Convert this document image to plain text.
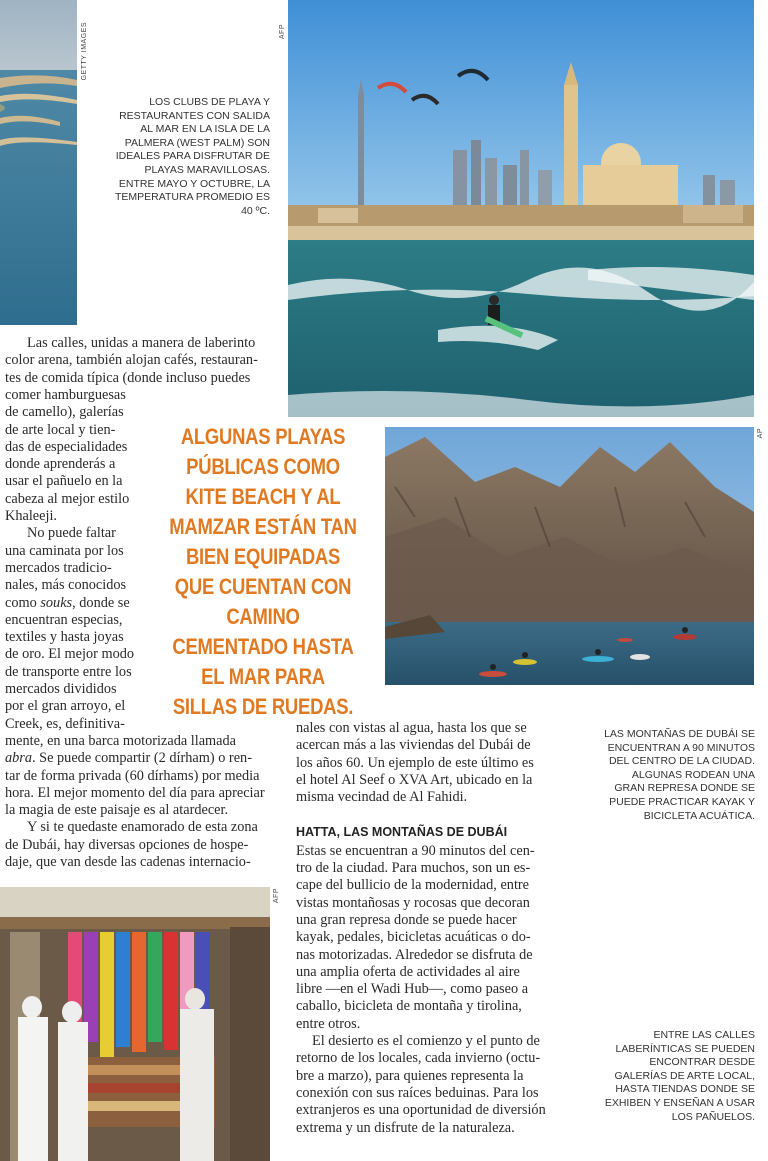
GETTY IMAGES	AFP
LOS CLUBS DE PLAYA Y RESTAURANTES CON SALIDA AL MAR EN LA ISLA DE LA PALMERA (WEST PALM) SON IDEALES PARA DISFRUTAR DE PLAYAS MARAVILLOSAS. ENTRE MAYO Y OCTUBRE, LA TEMPERATURA PROMEDIO ES 40 ºC.
AP
LAS MONTAÑAS DE DUBÁI SE ENCUENTRAN A 90 MINUTOS DEL CENTRO DE LA CIUDAD. ALGUNAS RODEAN UNA GRAN REPRESA DONDE SE PUEDE PRACTICAR KAYAK Y BICICLETA ACUÁTICA.
AFP
ENTRE LAS CALLES LABERÍNTICAS SE PUEDEN ENCONTRAR DESDE GALERÍAS DE ARTE LOCAL, HASTA TIENDAS DONDE SE EXHIBEN Y ENSEÑAN A USAR LOS PAÑUELOS.
ALGUNAS PLAYAS PÚBLICAS COMO KITE BEACH Y AL MAMZAR ESTÁN TAN BIEN EQUIPADAS QUE CUENTAN CON CAMINO CEMENTADO HASTA EL MAR PARA SILLAS DE RUEDAS.
Las calles, unidas a manera de laberinto
color arena, también alojan cafés, restauran-
tes de comida típica (donde incluso puedes
comer hamburguesas
de camello), galerías
de arte local y tien-
das de especialidades
donde aprenderás a
usar el pañuelo en la
cabeza al mejor estilo
Khaleeji.
No puede faltar
una caminata por los
mercados tradicio-
nales, más conocidos
como souks, donde se
encuentran especias,
textiles y hasta joyas
de oro. El mejor modo
de transporte entre los
mercados divididos
por el gran arroyo, el
Creek, es, definitiva-
mente, en una barca motorizada llamada
abra. Se puede compartir (2 dírham) o ren-
tar de forma privada (60 dírhams) por media
hora. El mejor momento del día para apreciar
la magia de este paisaje es al atardecer.
Y si te quedaste enamorado de esta zona
de Dubái, hay diversas opciones de hospe-
daje, que van desde las cadenas internacio-
nales con vistas al agua, hasta los que se
acercan más a las viviendas del Dubái de
los años 60. Un ejemplo de este último es
el hotel Al Seef o XVA Art, ubicado en la
misma vecindad de Al Fahidi.
HATTA, LAS MONTAÑAS DE DUBÁI
Estas se encuentran a 90 minutos del cen-
tro de la ciudad. Para muchos, son un es-
cape del bullicio de la modernidad, entre
vistas montañosas y rocosas que decoran
una gran represa donde se puede hacer
kayak, pedales, bicicletas acuáticas o do-
nas motorizadas. Alrededor se disfruta de
una amplia oferta de actividades al aire
libre —en el Wadi Hub—, como paseo a
caballo, bicicleta de montaña y tirolina,
entre otros.
El desierto es el comienzo y el punto de
retorno de los locales, cada invierno (octu-
bre a marzo), para quienes representa la
conexión con sus raíces beduinas. Para los
extranjeros es una oportunidad de diversión
extrema y un disfrute de la naturaleza.
